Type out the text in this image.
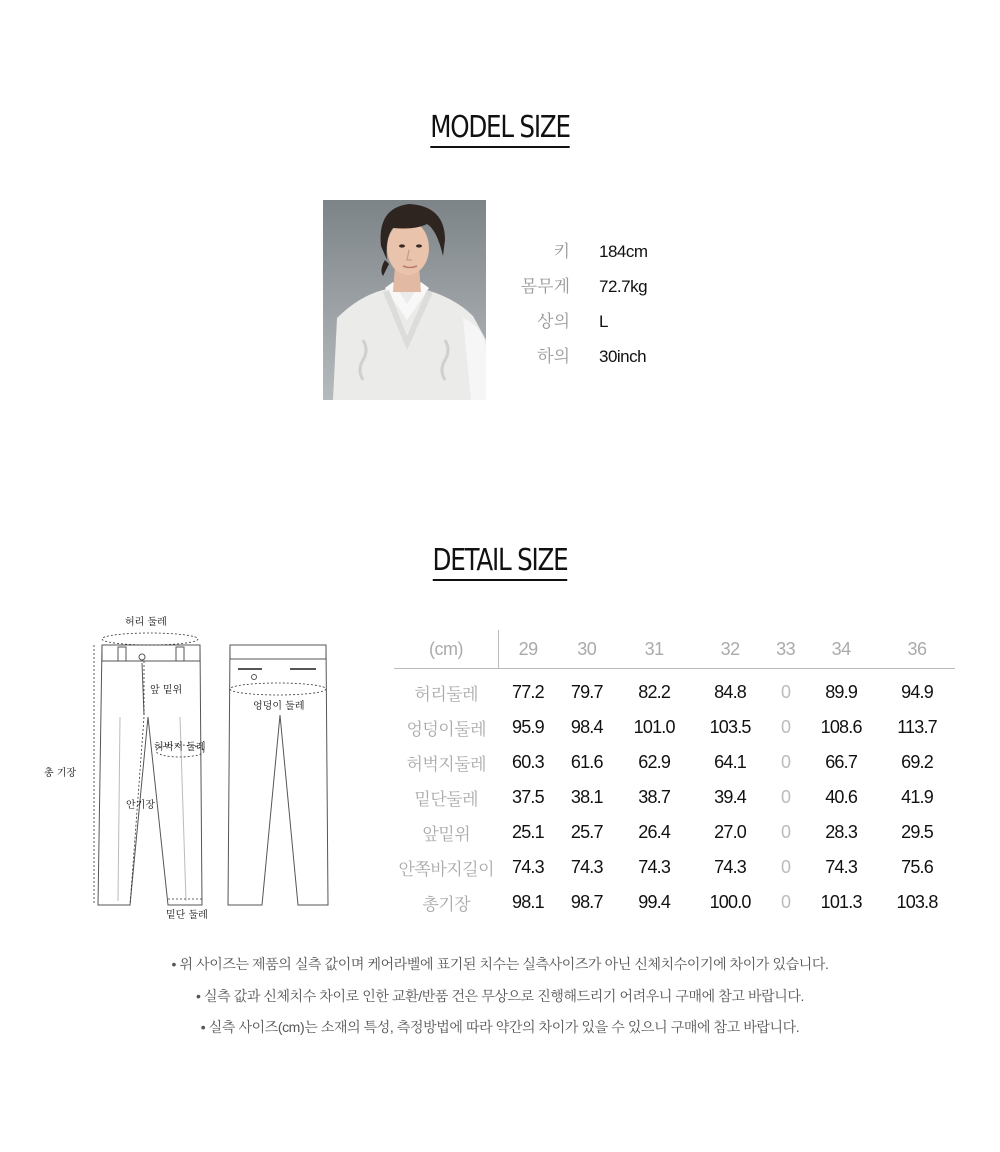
MODEL SIZE
키 184cm
몸무게 72.7kg
상의 L
하의 30inch
DETAIL SIZE
허리 둘레
앞 밑위
허벅지 둘레
총 기장
안기장
밑단 둘레
엉덩이 둘레
(cm)	29	30	31	32	33	34	36
허리둘레	77.2	79.7	82.2	84.8	0	89.9	94.9
엉덩이둘레	95.9	98.4	101.0	103.5	0	108.6	113.7
허벅지둘레	60.3	61.6	62.9	64.1	0	66.7	69.2
밑단둘레	37.5	38.1	38.7	39.4	0	40.6	41.9
앞밑위	25.1	25.7	26.4	27.0	0	28.3	29.5
안쪽바지길이	74.3	74.3	74.3	74.3	0	74.3	75.6
총기장	98.1	98.7	99.4	100.0	0	101.3	103.8
• 위 사이즈는 제품의 실측 값이며 케어라벨에 표기된 치수는 실측사이즈가 아닌 신체치수이기에 차이가 있습니다.
• 실측 값과 신체치수 차이로 인한 교환/반품 건은 무상으로 진행해드리기 어려우니 구매에 참고 바랍니다.
• 실측 사이즈(cm)는 소재의 특성, 측정방법에 따라 약간의 차이가 있을 수 있으니 구매에 참고 바랍니다.
